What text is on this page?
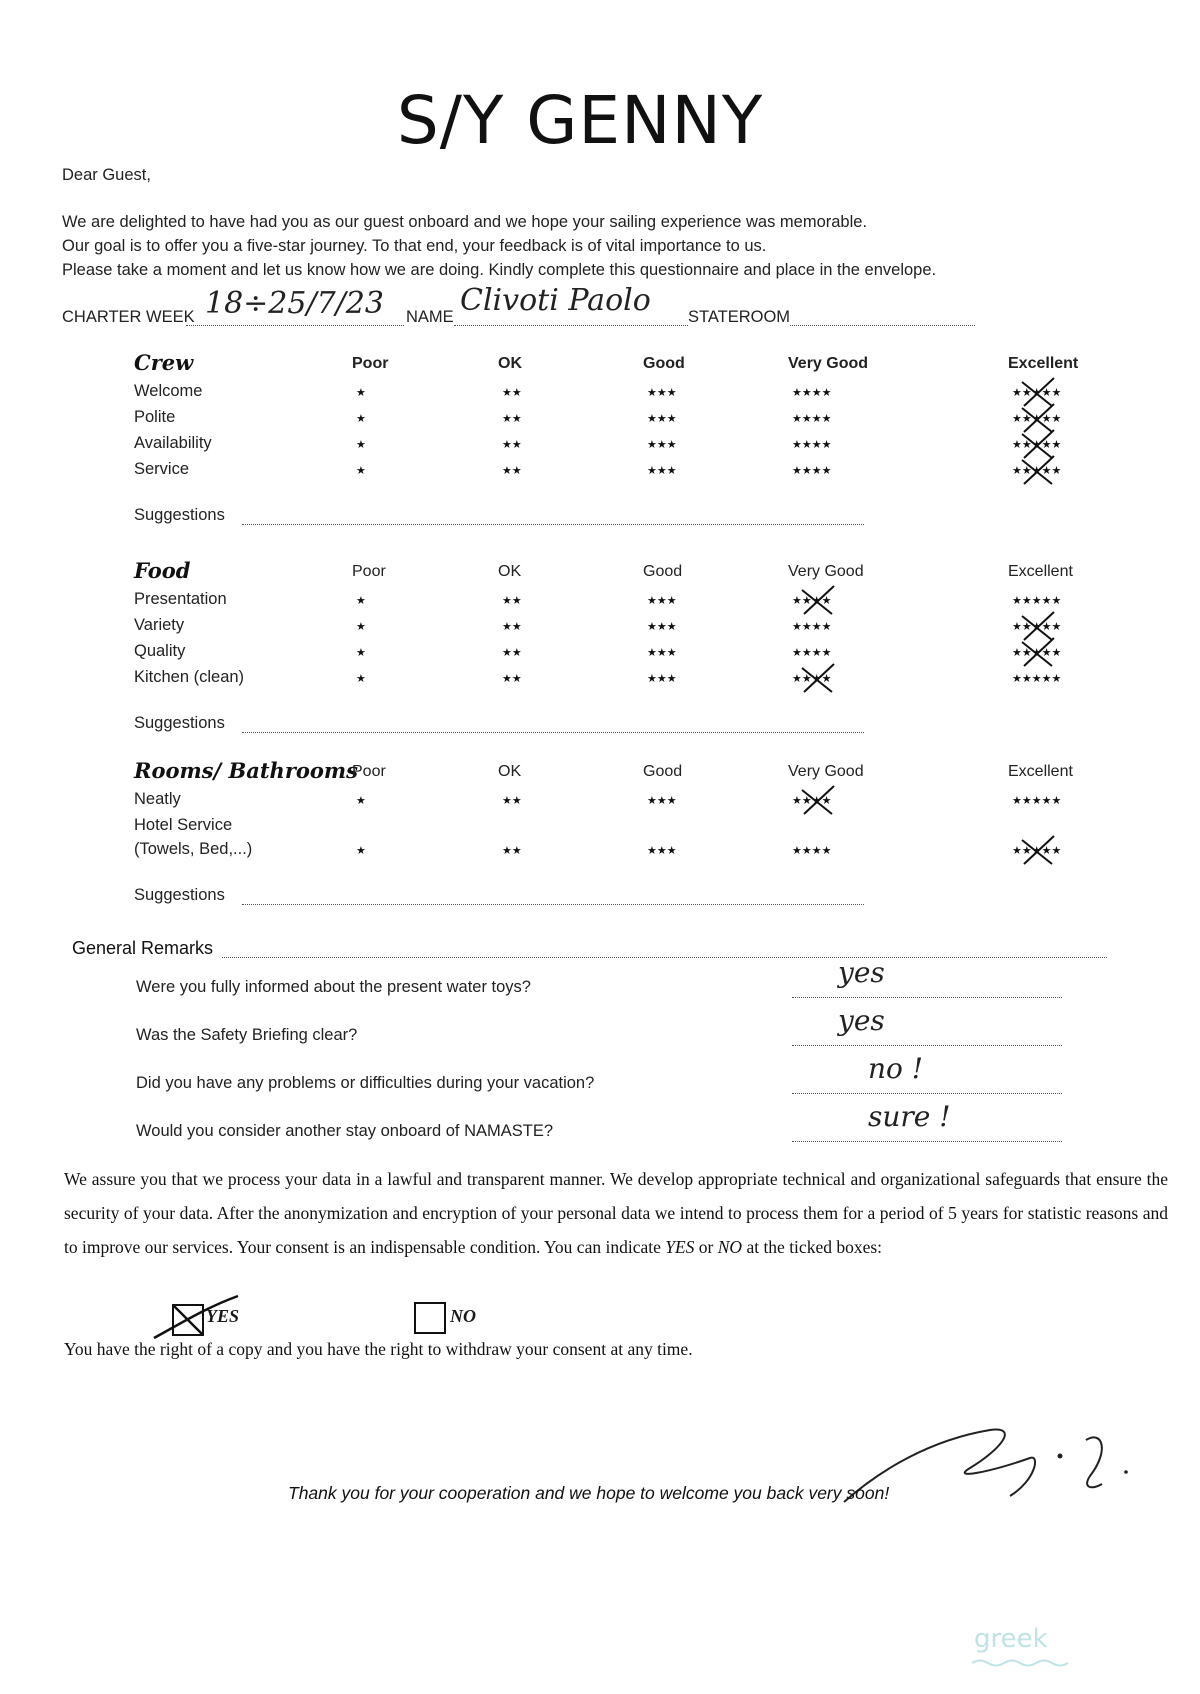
S/Y GENNY
Dear Guest,
We are delighted to have had you as our guest onboard and we hope your sailing experience was memorable.
Our goal is to offer you a five-star journey. To that end, your feedback is of vital importance to us.
Please take a moment and let us know how we are doing. Kindly complete this questionnaire and place in the envelope.
CHARTER WEEK 18÷25/7/23 NAME Clivoti Paolo STATEROOM
Crew	Poor	OK	Good	Very Good	Excellent
Welcome	★	★★	★★★	★★★★	★★★★★
Polite	★	★★	★★★	★★★★	★★★★★
Availability	★	★★	★★★	★★★★	★★★★★
Service	★	★★	★★★	★★★★	★★★★★
Suggestions
Food	Poor	OK	Good	Very Good	Excellent
Presentation	★	★★	★★★	★★★★	★★★★★
Variety	★	★★	★★★	★★★★	★★★★★
Quality	★	★★	★★★	★★★★	★★★★★
Kitchen (clean)	★	★★	★★★	★★★★	★★★★★
Suggestions
Rooms/ Bathrooms
Poor	OK	Good	Very Good	Excellent
Neatly	★	★★	★★★	★★★★	★★★★★
Hotel Service
(Towels, Bed,...)	★	★★	★★★	★★★★	★★★★★
Suggestions
General Remarks
Were you fully informed about the present water toys?	yes
Was the Safety Briefing clear?	yes
Did you have any problems or difficulties during your vacation?	no !
Would you consider another stay onboard of NAMASTE?	sure !
We assure you that we process your data in a lawful and transparent manner. We develop appropriate technical and organizational safeguards that ensure the security of your data. After the anonymization and encryption of your personal data we intend to process them for a period of 5 years for statistic reasons and to improve our services. Your consent is an indispensable condition. You can indicate YES or NO at the ticked boxes:
YES	NO
You have the right of a copy and you have the right to withdraw your consent at any time.
Thank you for your cooperation and we hope to welcome you back very soon!
greek
